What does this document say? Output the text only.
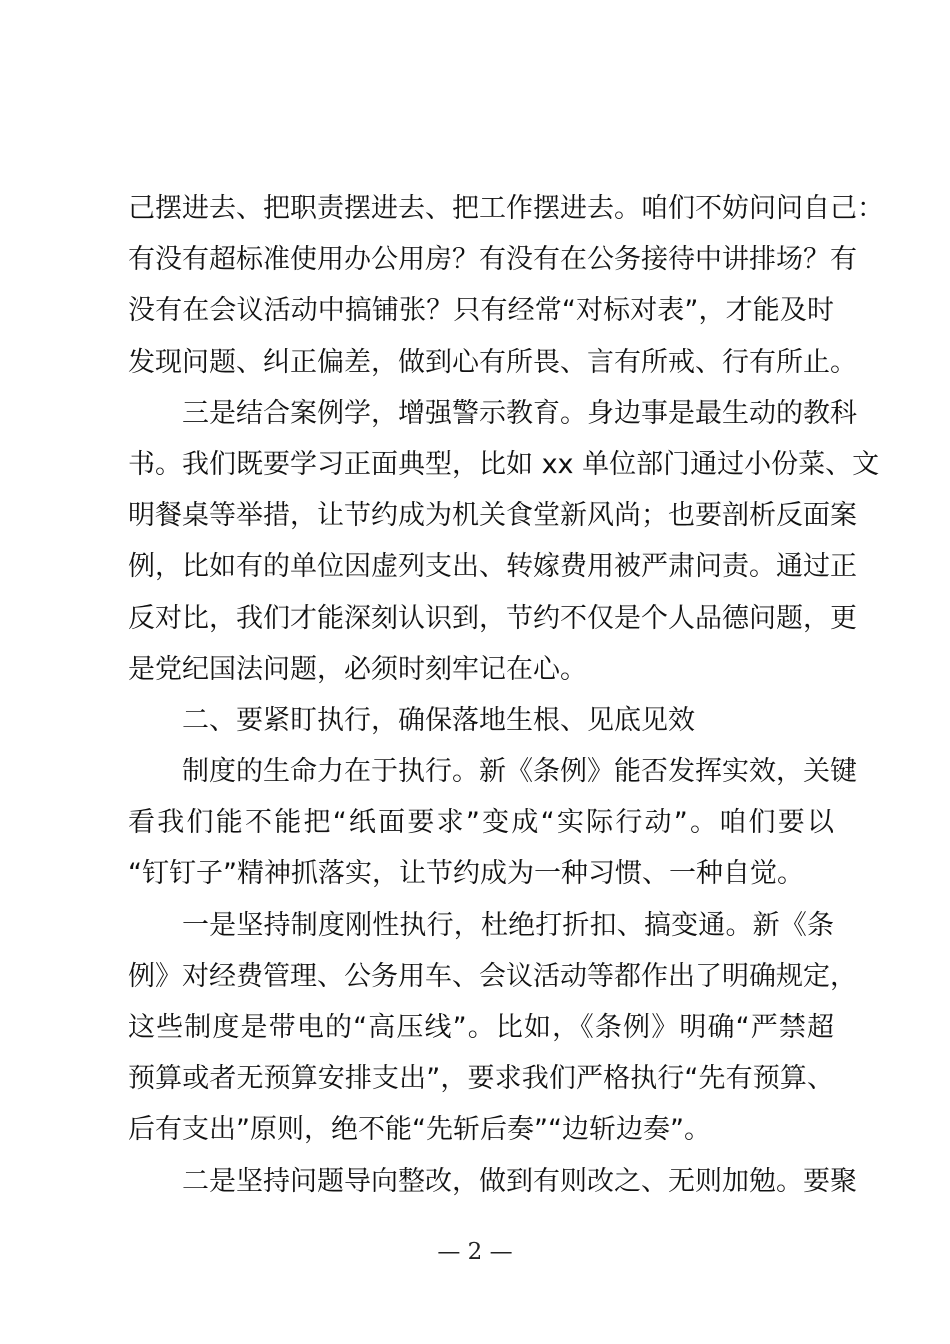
己摆进去、把职责摆进去、把工作摆进去。咱们不妨问问自己：
有没有超标准使用办公用房？有没有在公务接待中讲排场？有
没有在会议活动中搞铺张？只有经常“对标对表”，才能及时
发现问题、纠正偏差，做到心有所畏、言有所戒、行有所止。
三是结合案例学，增强警示教育。身边事是最生动的教科
书。我们既要学习正面典型，比如 xx 单位部门通过小份菜、文
明餐桌等举措，让节约成为机关食堂新风尚；也要剖析反面案
例，比如有的单位因虚列支出、转嫁费用被严肃问责。通过正
反对比，我们才能深刻认识到，节约不仅是个人品德问题，更
是党纪国法问题，必须时刻牢记在心。
二、要紧盯执行，确保落地生根、见底见效
制度的生命力在于执行。新《条例》能否发挥实效，关键
看我们能不能把“纸面要求”变成“实际行动”。咱们要以
“钉钉子”精神抓落实，让节约成为一种习惯、一种自觉。
一是坚持制度刚性执行，杜绝打折扣、搞变通。新《条
例》对经费管理、公务用车、会议活动等都作出了明确规定，
这些制度是带电的“高压线”。比如，《条例》明确“严禁超
预算或者无预算安排支出”，要求我们严格执行“先有预算、
后有支出”原则，绝不能“先斩后奏”“边斩边奏”。
二是坚持问题导向整改，做到有则改之、无则加勉。要聚
— 2 —
